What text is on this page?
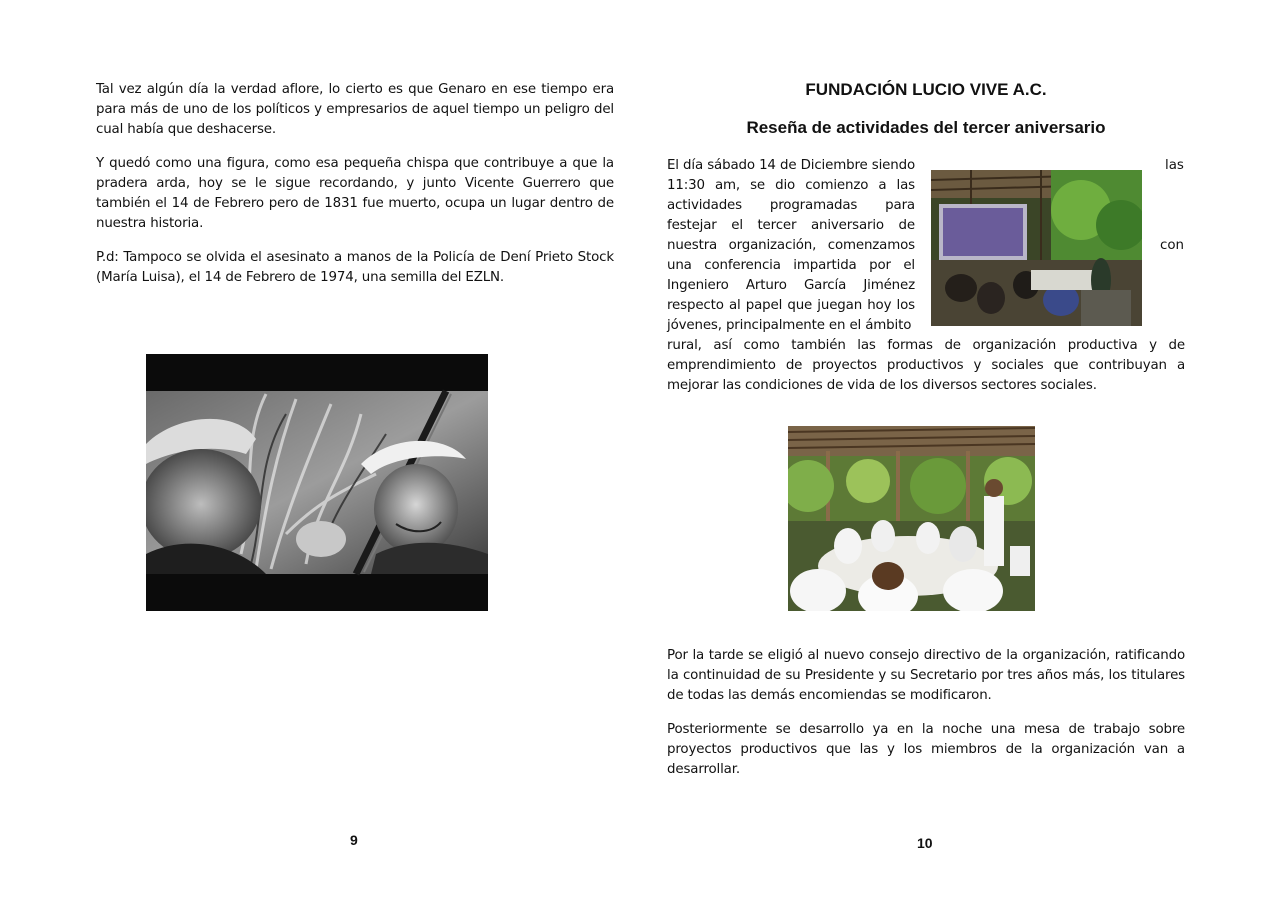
Tal vez algún día la verdad aflore, lo cierto es que Genaro en ese tiempo era para más de uno de los políticos y empresarios de aquel tiempo un peligro del cual había que deshacerse.

Y quedó como una figura, como esa pequeña chispa que contribuye a que la pradera arda, hoy se le sigue recordando, y junto Vicente Guerrero que también el 14 de Febrero pero de 1831 fue muerto, ocupa un lugar dentro de nuestra historia.

P.d: Tampoco se olvida el asesinato a manos de la Policía de Dení Prieto Stock (María Luisa), el 14 de Febrero de 1974, una semilla del EZLN.

9
FUNDACIÓN LUCIO VIVE A.C.
Reseña de actividades del tercer aniversario

El día sábado 14 de Diciembre siendo

11:30 am, se dio comienzo a las

actividades programadas para

festejar el tercer aniversario de

nuestra organización, comenzamos

una conferencia impartida por el

Ingeniero Arturo García Jiménez

respecto al papel que juegan hoy los

jóvenes, principalmente en el ámbito

las
con

rural, así como también las formas de organización productiva y de emprendimiento de proyectos productivos y sociales que contribuyan a mejorar las condiciones de vida de los diversos sectores sociales.

Por la tarde se eligió al nuevo consejo directivo de la organización, ratificando la continuidad de su Presidente y su Secretario por tres años más, los titulares de todas las demás encomiendas se modificaron.

Posteriormente se desarrollo ya en la noche una mesa de trabajo sobre proyectos productivos que las y los miembros de la organización van a desarrollar.

10
